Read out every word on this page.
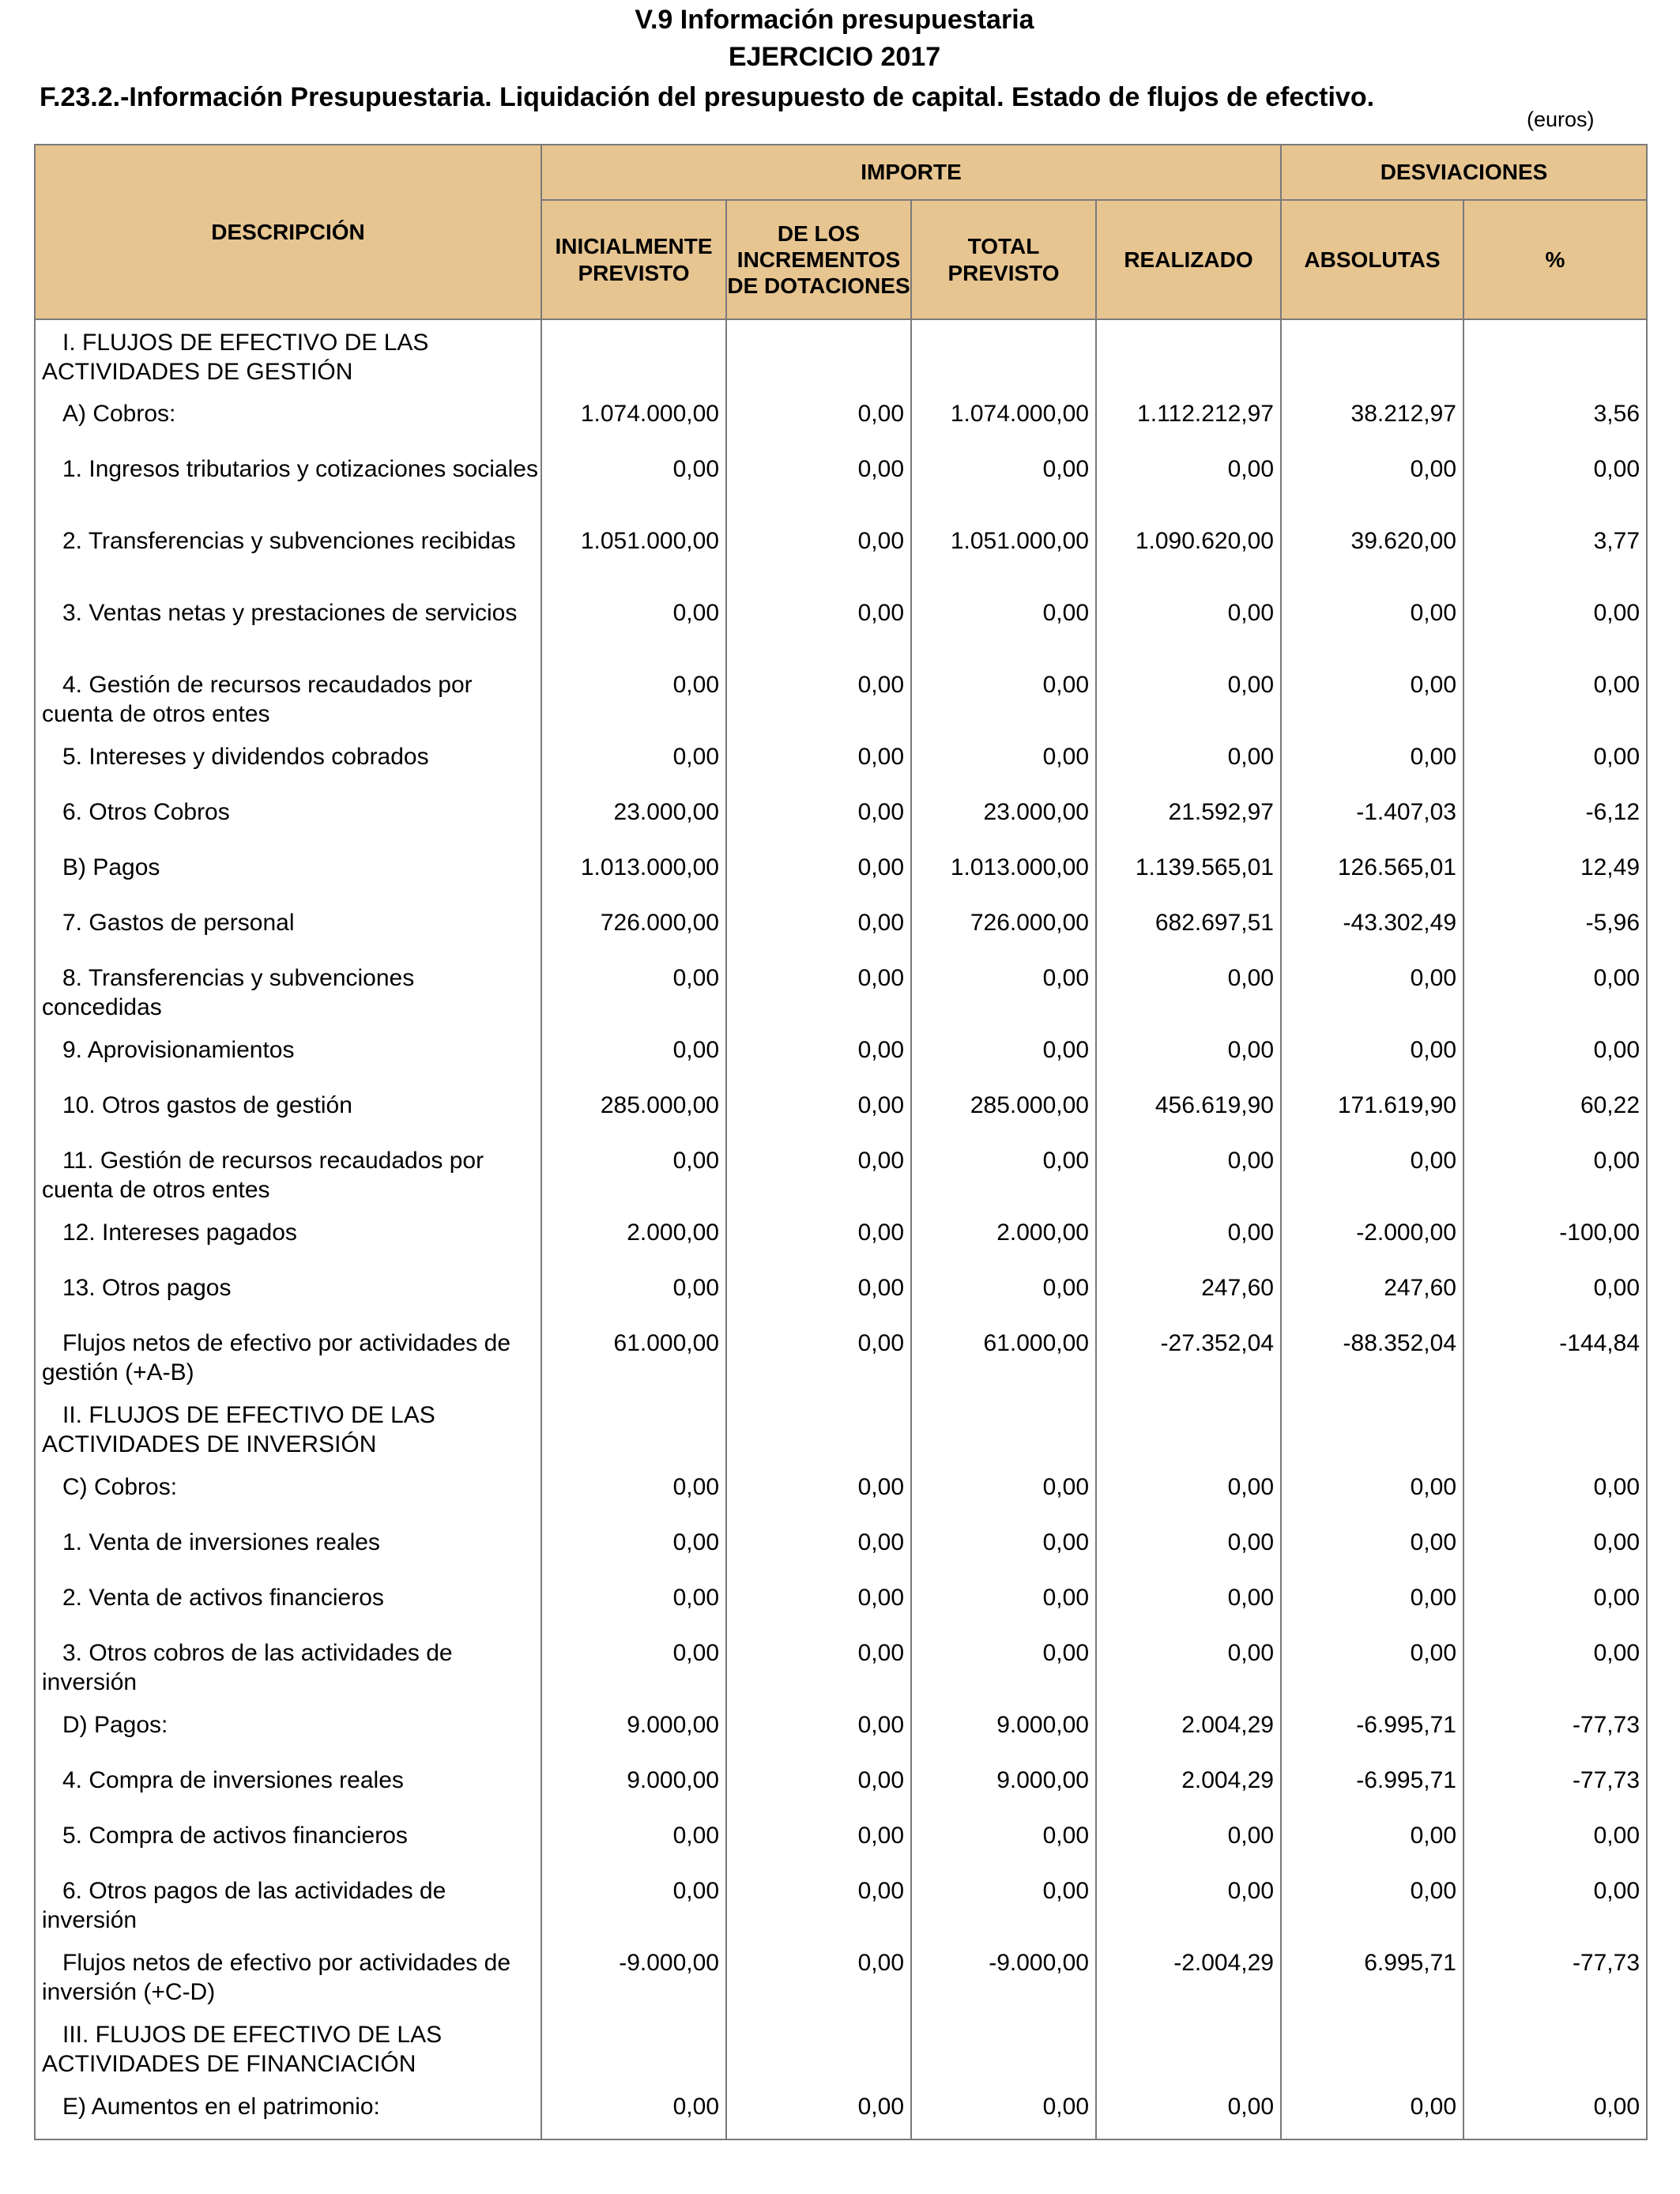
V.9 Información presupuestaria
EJERCICIO 2017
F.23.2.-Información Presupuestaria. Liquidación del presupuesto de capital. Estado de flujos de efectivo.
(euros)
DESCRIPCIÓN	IMPORTE				DESVIACIONES	
	INICIALMENTE PREVISTO	DE LOS INCREMENTOS DE DOTACIONES	TOTAL PREVISTO	REALIZADO	ABSOLUTAS	%
I. FLUJOS DE EFECTIVO DE LAS ACTIVIDADES DE GESTIÓN						
A) Cobros:	1.074.000,00	0,00	1.074.000,00	1.112.212,97	38.212,97	3,56
1. Ingresos tributarios y cotizaciones sociales	0,00	0,00	0,00	0,00	0,00	0,00
2. Transferencias y subvenciones recibidas	1.051.000,00	0,00	1.051.000,00	1.090.620,00	39.620,00	3,77
3. Ventas netas y prestaciones de servicios	0,00	0,00	0,00	0,00	0,00	0,00
4. Gestión de recursos recaudados por cuenta de otros entes	0,00	0,00	0,00	0,00	0,00	0,00
5. Intereses y dividendos cobrados	0,00	0,00	0,00	0,00	0,00	0,00
6. Otros Cobros	23.000,00	0,00	23.000,00	21.592,97	-1.407,03	-6,12
B) Pagos	1.013.000,00	0,00	1.013.000,00	1.139.565,01	126.565,01	12,49
7. Gastos de personal	726.000,00	0,00	726.000,00	682.697,51	-43.302,49	-5,96
8. Transferencias y subvenciones concedidas	0,00	0,00	0,00	0,00	0,00	0,00
9. Aprovisionamientos	0,00	0,00	0,00	0,00	0,00	0,00
10. Otros gastos de gestión	285.000,00	0,00	285.000,00	456.619,90	171.619,90	60,22
11. Gestión de recursos recaudados por cuenta de otros entes	0,00	0,00	0,00	0,00	0,00	0,00
12. Intereses pagados	2.000,00	0,00	2.000,00	0,00	-2.000,00	-100,00
13. Otros pagos	0,00	0,00	0,00	247,60	247,60	0,00
Flujos netos de efectivo por actividades de gestión (+A-B)	61.000,00	0,00	61.000,00	-27.352,04	-88.352,04	-144,84
II. FLUJOS DE EFECTIVO DE LAS ACTIVIDADES DE INVERSIÓN						
C) Cobros:	0,00	0,00	0,00	0,00	0,00	0,00
1. Venta de inversiones reales	0,00	0,00	0,00	0,00	0,00	0,00
2. Venta de activos financieros	0,00	0,00	0,00	0,00	0,00	0,00
3. Otros cobros de las actividades de inversión	0,00	0,00	0,00	0,00	0,00	0,00
D) Pagos:	9.000,00	0,00	9.000,00	2.004,29	-6.995,71	-77,73
4. Compra de inversiones reales	9.000,00	0,00	9.000,00	2.004,29	-6.995,71	-77,73
5. Compra de activos financieros	0,00	0,00	0,00	0,00	0,00	0,00
6. Otros pagos de las actividades de inversión	0,00	0,00	0,00	0,00	0,00	0,00
Flujos netos de efectivo por actividades de inversión (+C-D)	-9.000,00	0,00	-9.000,00	-2.004,29	6.995,71	-77,73
III. FLUJOS DE EFECTIVO DE LAS ACTIVIDADES DE FINANCIACIÓN						
E) Aumentos en el patrimonio:	0,00	0,00	0,00	0,00	0,00	0,00
